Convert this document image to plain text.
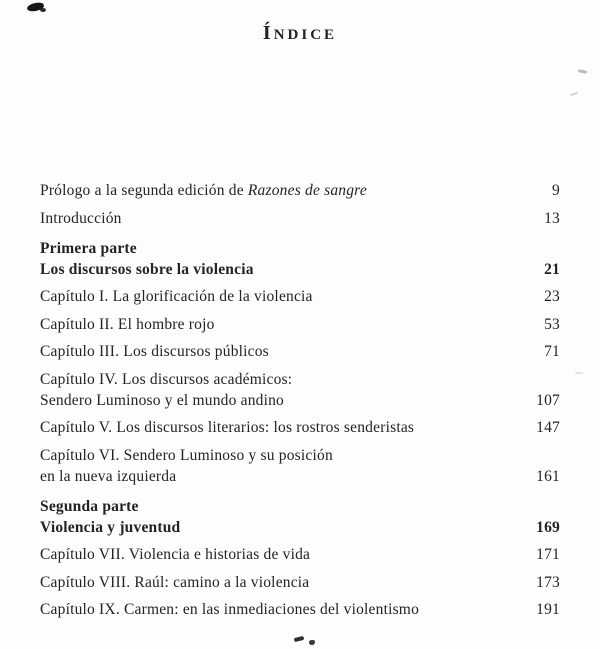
ÍNDICE
Prólogo a la segunda edición de Razones de sangre	9
Introducción	13
Primera parte
Los discursos sobre la violencia	21
Capítulo I. La glorificación de la violencia	23
Capítulo II. El hombre rojo	53
Capítulo III. Los discursos públicos	71
Capítulo IV. Los discursos académicos:
Sendero Luminoso y el mundo andino	107
Capítulo V. Los discursos literarios: los rostros senderistas	147
Capítulo VI. Sendero Luminoso y su posición
en la nueva izquierda	161
Segunda parte
Violencia y juventud	169
Capítulo VII. Violencia e historias de vida	171
Capítulo VIII. Raúl: camino a la violencia	173
Capítulo IX. Carmen: en las inmediaciones del violentismo	191
